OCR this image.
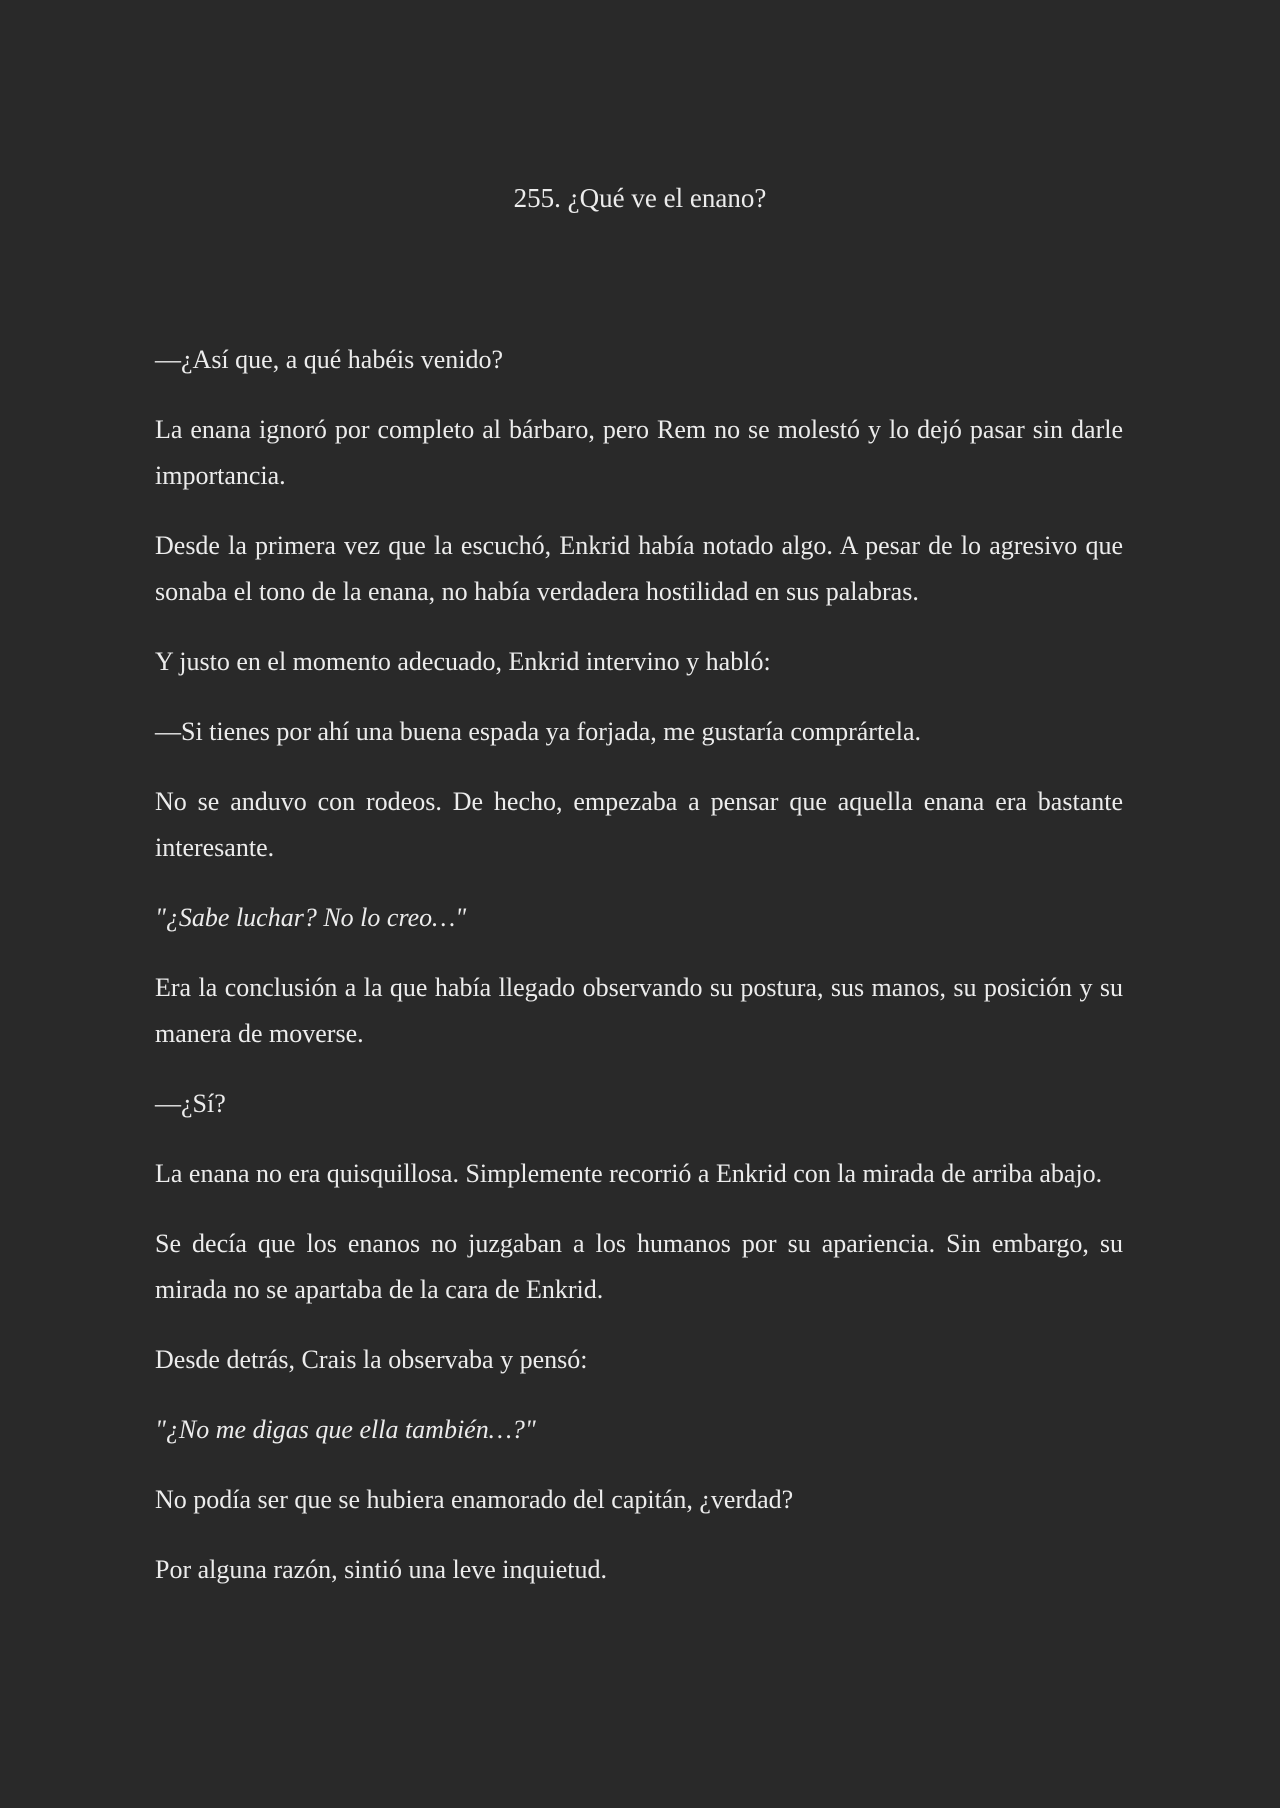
255. ¿Qué ve el enano?

—¿Así que, a qué habéis venido?

La enana ignoró por completo al bárbaro, pero Rem no se molestó y lo dejó pasar sin darle importancia.

Desde la primera vez que la escuchó, Enkrid había notado algo. A pesar de lo agresivo que sonaba el tono de la enana, no había verdadera hostilidad en sus palabras.

Y justo en el momento adecuado, Enkrid intervino y habló:

—Si tienes por ahí una buena espada ya forjada, me gustaría comprártela.

No se anduvo con rodeos. De hecho, empezaba a pensar que aquella enana era bastante interesante.

"¿Sabe luchar? No lo creo…"

Era la conclusión a la que había llegado observando su postura, sus manos, su posición y su manera de moverse.

—¿Sí?

La enana no era quisquillosa. Simplemente recorrió a Enkrid con la mirada de arriba abajo.

Se decía que los enanos no juzgaban a los humanos por su apariencia. Sin embargo, su mirada no se apartaba de la cara de Enkrid.

Desde detrás, Crais la observaba y pensó:

"¿No me digas que ella también…?"

No podía ser que se hubiera enamorado del capitán, ¿verdad?

Por alguna razón, sintió una leve inquietud.
